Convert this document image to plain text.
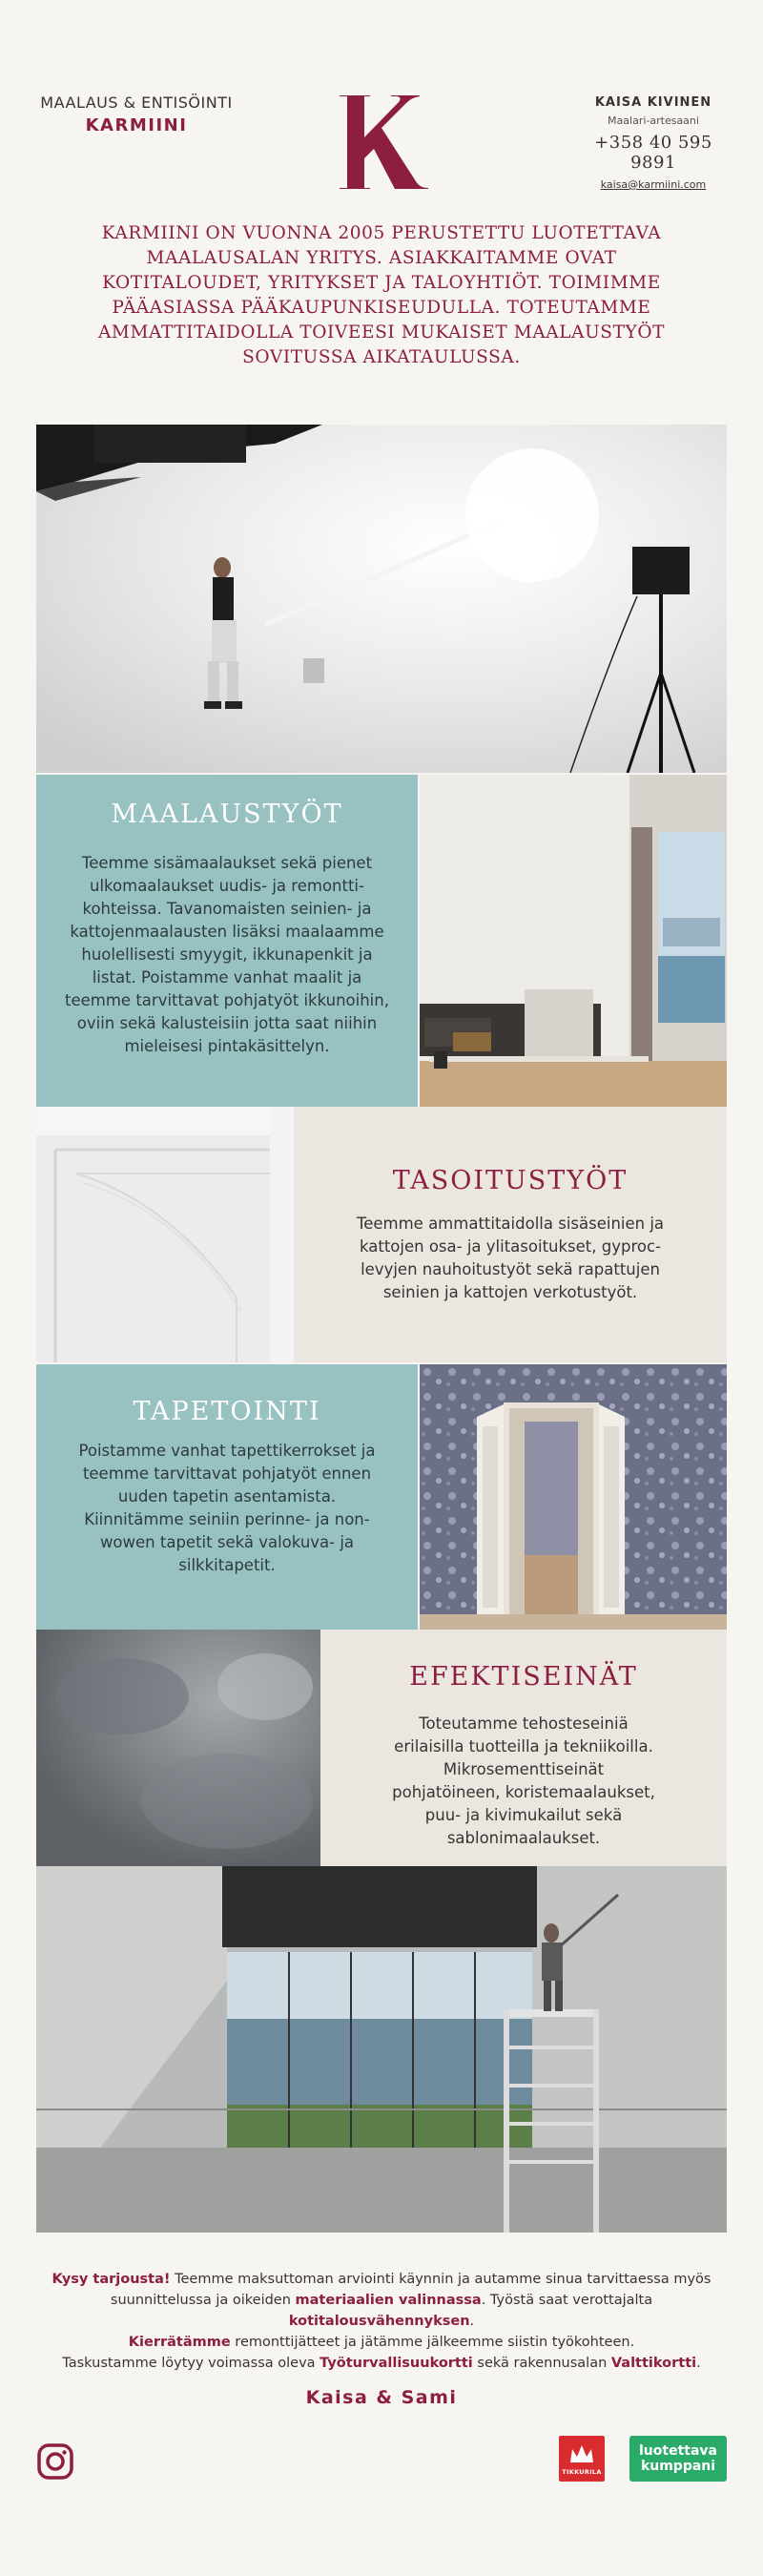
MAALAUS & ENTISÖINTI
KARMIINI
KAISA KIVINEN
Maalari-artesaani
+358 40 595 9891
kaisa@karmiini.com
KARMIINI ON VUONNA 2005 PERUSTETTU LUOTETTAVA MAALAUSALAN YRITYS. ASIAKKAITAMME OVAT KOTITALOUDET, YRITYKSET JA TALOYHTIÖT. TOIMIMME PÄÄASIASSA PÄÄKAUPUNKISEUDULLA. TOTEUTAMME AMMATTITAIDOLLA TOIVEESI MUKAISET MAALAUSTYÖT SOVITUSSA AIKATAULUSSA.
MAALAUSTYÖT

Teemme sisämaalaukset sekä pienet ulkomaalaukset uudis- ja remontti-kohteissa. Tavanomaisten seinien- ja kattojenmaalausten lisäksi maalaamme huolellisesti smyygit, ikkunapenkit ja listat. Poistamme vanhat maalit ja teemme tarvittavat pohjatyöt ikkunoihin, oviin sekä kalusteisiin jotta saat niihin mieleisesi pintakäsittelyn.

TASOITUSTYÖT

Teemme ammattitaidolla sisäseinien ja kattojen osa- ja ylitasoitukset, gyproc-levyjen nauhoitustyöt sekä rapattujen seinien ja kattojen verkotustyöt.

TAPETOINTI

Poistamme vanhat tapettikerrokset ja teemme tarvittavat pohjatyöt ennen uuden tapetin asentamista. Kiinnitämme seiniin perinne- ja non-wowen tapetit sekä valokuva- ja silkkitapetit.

EFEKTISEINÄT

Toteutamme tehosteseiniä erilaisilla tuotteilla ja tekniikoilla. Mikrosementtiseinät pohjatöineen, koristemaalaukset, puu- ja kivimukailut sekä sablonimaalaukset.

Kysy tarjousta! Teemme maksuttoman arviointi käynnin ja autamme sinua tarvittaessa myös suunnittelussa ja oikeiden materiaalien valinnassa. Työstä saat verottajalta kotitalousvähennyksen.
Kierrätämme remonttijätteet ja jätämme jälkeemme siistin työkohteen.
Taskustamme löytyy voimassa oleva Työturvallisuukortti sekä rakennusalan Valttikortti.
Kaisa & Sami
TIKKURILA
luotettava
kumppani
